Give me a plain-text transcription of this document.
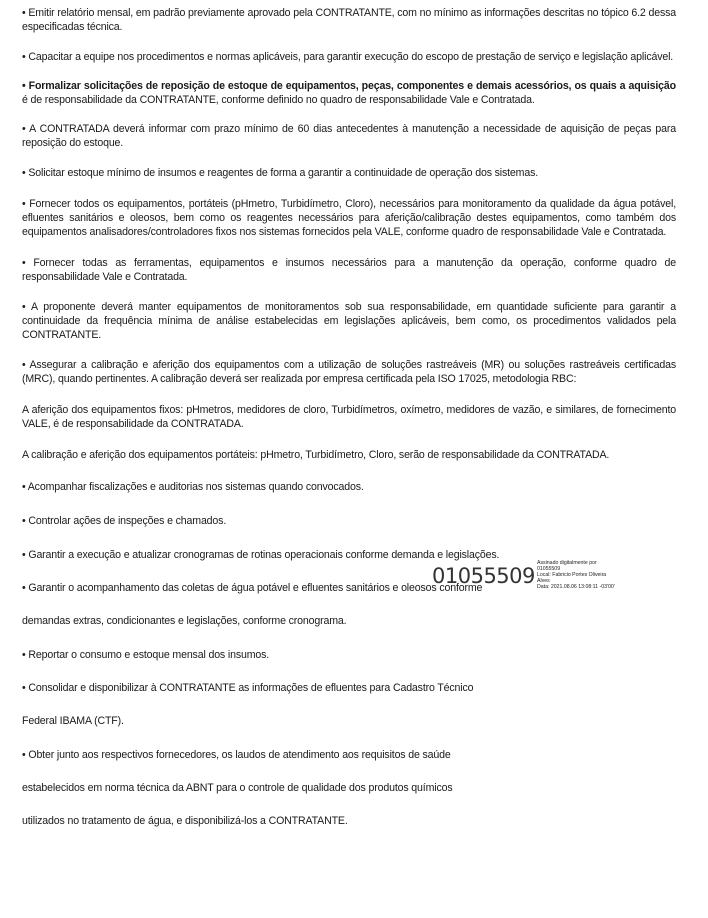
• Emitir relatório mensal, em padrão previamente aprovado pela CONTRATANTE, com no mínimo as informações descritas no tópico 6.2 dessa especificadas técnica.

• Capacitar a equipe nos procedimentos e normas aplicáveis, para garantir execução do escopo de prestação de serviço e legislação aplicável.

• Formalizar solicitações de reposição de estoque de equipamentos, peças, componentes e demais acessórios, os quais a aquisição é de responsabilidade da CONTRATANTE, conforme definido no quadro de responsabilidade Vale e Contratada.

• A CONTRATADA deverá informar com prazo mínimo de 60 dias antecedentes à manutenção a necessidade de aquisição de peças para reposição do estoque.

• Solicitar estoque mínimo de insumos e reagentes de forma a garantir a continuidade de operação dos sistemas.

• Fornecer todos os equipamentos, portáteis (pHmetro, Turbidímetro, Cloro), necessários para monitoramento da qualidade da água potável, efluentes sanitários e oleosos, bem como os reagentes necessários para aferição/calibração destes equipamentos, como também dos equipamentos analisadores/controladores fixos nos sistemas fornecidos pela VALE, conforme quadro de responsabilidade Vale e Contratada.

• Fornecer todas as ferramentas, equipamentos e insumos necessários para a manutenção da operação, conforme quadro de responsabilidade Vale e Contratada.

• A proponente deverá manter equipamentos de monitoramentos sob sua responsabilidade, em quantidade suficiente para garantir a continuidade da frequência mínima de análise estabelecidas em legislações aplicáveis, bem como, os procedimentos validados pela CONTRATANTE.

• Assegurar a calibração e aferição dos equipamentos com a utilização de soluções rastreáveis (MR) ou soluções rastreáveis certificadas (MRC), quando pertinentes. A calibração deverá ser realizada por empresa certificada pela ISO 17025, metodologia RBC:

A aferição dos equipamentos fixos: pHmetros, medidores de cloro, Turbidímetros, oxímetro, medidores de vazão, e similares, de fornecimento VALE, é de responsabilidade da CONTRATADA.

A calibração e aferição dos equipamentos portáteis: pHmetro, Turbidímetro, Cloro, serão de responsabilidade da CONTRATADA.

• Acompanhar fiscalizações e auditorias nos sistemas quando convocados.

• Controlar ações de inspeções e chamados.

• Garantir a execução e atualizar cronogramas de rotinas operacionais conforme demanda e legislações.

• Garantir o acompanhamento das coletas de água potável e efluentes sanitários e oleosos conforme

demandas extras, condicionantes e legislações, conforme cronograma.

• Reportar o consumo e estoque mensal dos insumos.

• Consolidar e disponibilizar à CONTRATANTE as informações de efluentes para Cadastro Técnico

Federal IBAMA (CTF).

• Obter junto aos respectivos fornecedores, os laudos de atendimento aos requisitos de saúde

estabelecidos em norma técnica da ABNT para o controle de qualidade dos produtos químicos

utilizados no tratamento de água, e disponibilizá-los a CONTRATANTE.

01055509
Assinado digitalmente por
01055509
Local: Fabricio Portes Oliveira
Alves
Data: 2021.08.06 13:08:11 -03'00'
